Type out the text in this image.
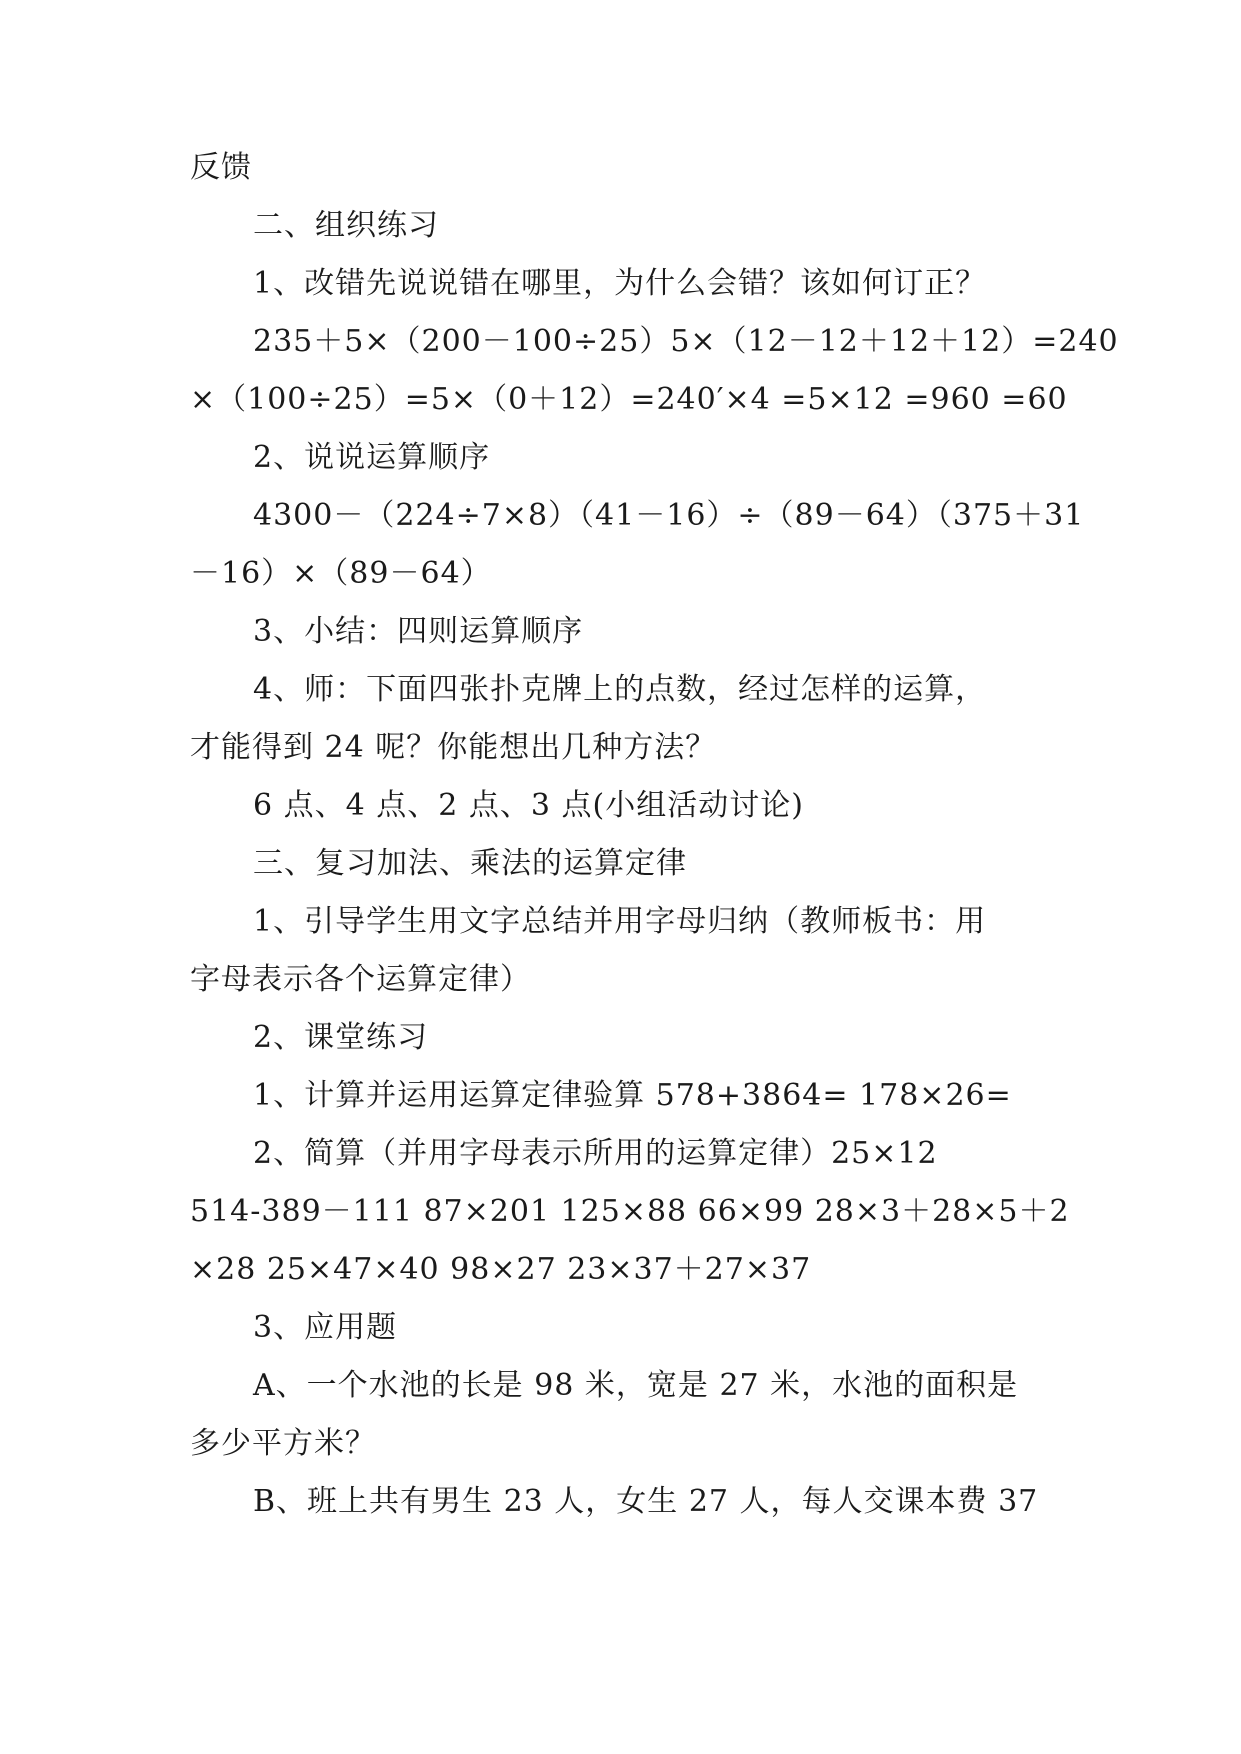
反馈
二、组织练习
1、改错先说说错在哪里，为什么会错？该如何订正？
235＋5×（200－100÷25）5×（12－12＋12＋12）=240
×（100÷25）=5×（0＋12）=240′×4 =5×12 =960 =60
2、说说运算顺序
4300－（224÷7×8）（41－16）÷（89－64）（375＋31
－16）×（89－64）
3、小结：四则运算顺序
4、师：下面四张扑克牌上的点数，经过怎样的运算，
才能得到 24 呢？你能想出几种方法？
6 点、4 点、2 点、3 点(小组活动讨论)
三、复习加法、乘法的运算定律
1、引导学生用文字总结并用字母归纳（教师板书：用
字母表示各个运算定律）
2、课堂练习
1、计算并运用运算定律验算 578+3864= 178×26=
2、简算（并用字母表示所用的运算定律）25×12
514-389－111 87×201 125×88 66×99 28×3＋28×5＋2
×28 25×47×40 98×27 23×37＋27×37
3、应用题
A、一个水池的长是 98 米，宽是 27 米，水池的面积是
多少平方米？
B、班上共有男生 23 人，女生 27 人，每人交课本费 37
